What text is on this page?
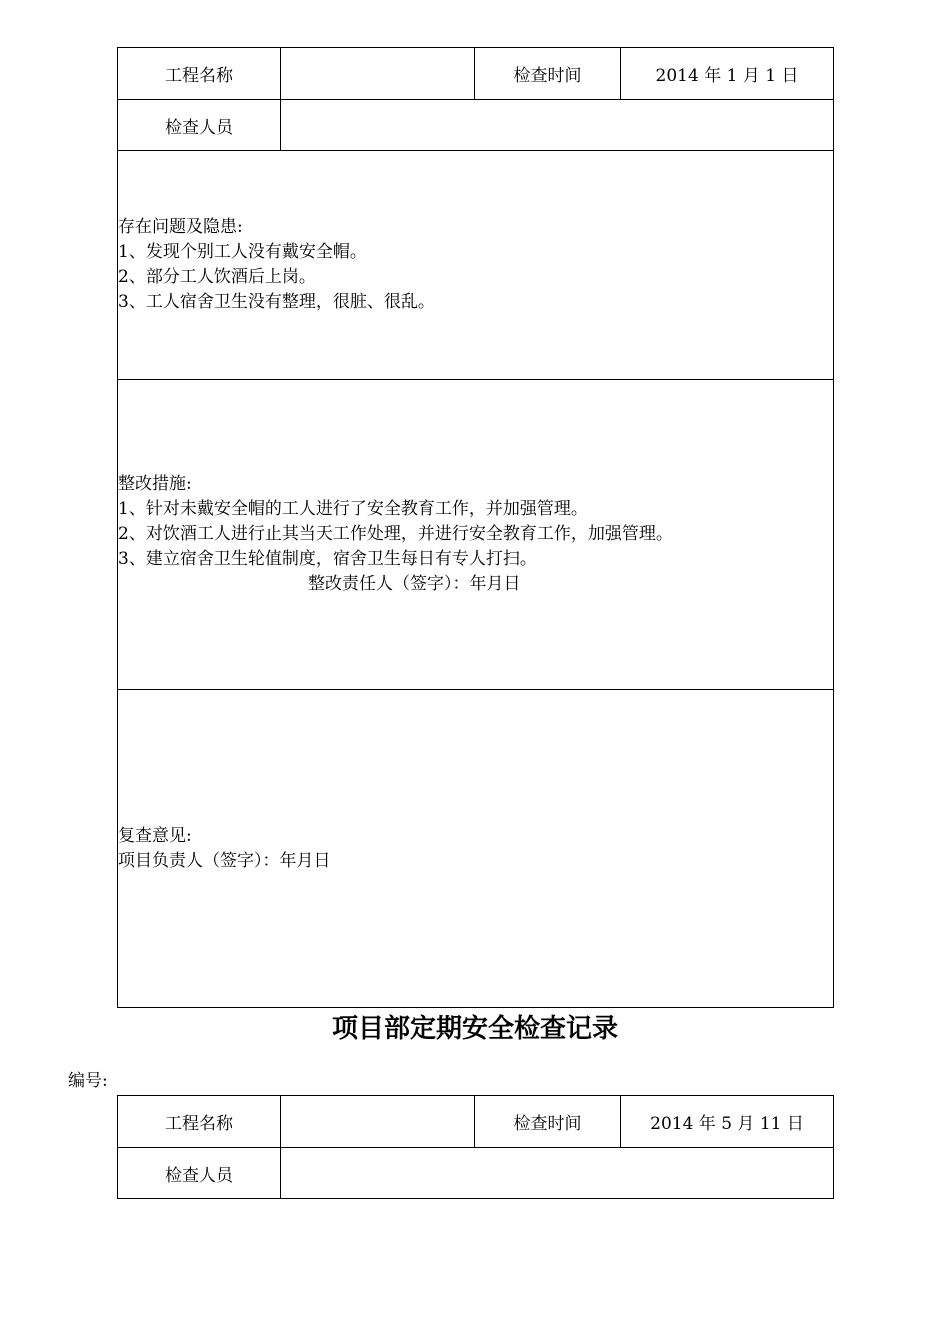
工程名称		检查时间	2014 年 1 月 1 日
检查人员			

存在问题及隐患:
1、发现个别工人没有戴安全帽。
2、部分工人饮酒后上岗。
3、工人宿舍卫生没有整理，很脏、很乱。			

整改措施:
1、针对未戴安全帽的工人进行了安全教育工作，并加强管理。
2、对饮酒工人进行止其当天工作处理，并进行安全教育工作，加强管理。
3、建立宿舍卫生轮值制度，宿舍卫生每日有专人打扫。
整改责任人（签字）：年月日			

复查意见:
项目负责人（签字）：年月日			
项目部定期安全检查记录
编号:
工程名称		检查时间	2014 年 5 月 11 日
检查人员			
